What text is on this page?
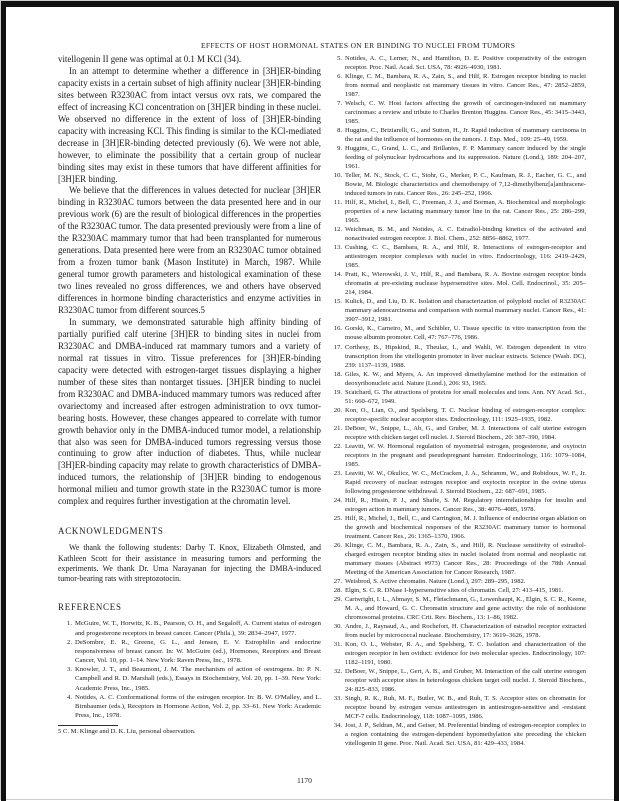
EFFECTS OF HOST HORMONAL STATES ON ER BINDING TO NUCLEI FROM TUMORS

vitellogenin II gene was optimal at 0.1 M KCl (34).

In an attempt to determine whether a difference in [3H]ER-binding capacity exists in a certain subset of high affinity nuclear [3H]ER-binding sites between R3230AC from intact versus ovx rats, we compared the effect of increasing KCl concentration on [3H]ER binding in these nuclei. We observed no difference in the extent of loss of [3H]ER-binding capacity with increasing KCl. This finding is similar to the KCl-mediated decrease in [3H]ER-binding detected previously (6). We were not able, however, to eliminate the possibility that a certain group of nuclear binding sites may exist in these tumors that have different affinities for [3H]ER binding.

We believe that the differences in values detected for nuclear [3H]ER binding in R3230AC tumors between the data presented here and in our previous work (6) are the result of biological differences in the properties of the R3230AC tumor. The data presented previously were from a line of the R3230AC mammary tumor that had been transplanted for numerous generations. Data presented here were from an R3230AC tumor obtained from a frozen tumor bank (Mason Institute) in March, 1987. While general tumor growth parameters and histological examination of these two lines revealed no gross differences, we and others have observed differences in hormone binding characteristics and enzyme activities in R3230AC tumor from different sources.5

In summary, we demonstrated saturable high affinity binding of partially purified calf uterine [3H]ER to binding sites in nuclei from R3230AC and DMBA-induced rat mammary tumors and a variety of normal rat tissues in vitro. Tissue preferences for [3H]ER-binding capacity were detected with estrogen-target tissues displaying a higher number of these sites than nontarget tissues. [3H]ER binding to nuclei from R3230AC and DMBA-induced mammary tumors was reduced after ovariectomy and increased after estrogen administration to ovx tumor-bearing hosts. However, these changes appeared to correlate with tumor growth behavior only in the DMBA-induced tumor model, a relationship that also was seen for DMBA-induced tumors regressing versus those continuing to grow after induction of diabetes. Thus, while nuclear [3H]ER-binding capacity may relate to growth characteristics of DMBA-induced tumors, the relationship of [3H]ER binding to endogenous hormonal milieu and tumor growth state in the R3230AC tumor is more complex and requires further investigation at the chromatin level.

ACKNOWLEDGMENTS

We thank the following students: Darby T. Knox, Elizabeth Olmsted, and Kathleen Scott for their assistance in measuring tumors and performing the experiments. We thank Dr. Uma Narayanan for injecting the DMBA-induced tumor-bearing rats with streptozotocin.

REFERENCES
1. McGuire, W. T., Horwitz, K. B., Pearson, O. H., and Segaloff, A. Current status of estrogen and progesterone receptors in breast cancer. Cancer (Phila.), 39: 2834–2947, 1977.
2. DeSombre, E. R., Greene, G. L., and Jensen, E. V. Estrophilin and endocrine responsiveness of breast cancer. In: W. McGuire (ed.), Hormones, Receptors and Breast Cancer, Vol. 10, pp. 1–14. New York: Raven Press, Inc., 1978.
3. Knowler, J. T., and Beaumont, J. M. The mechanism of action of oestrogens. In: P. N. Campbell and R. D. Marshall (eds.), Essays in Biochemistry, Vol. 20, pp. 1–39. New York: Academic Press, Inc., 1985.
4. Notides, A. C. Conformational forms of the estrogen receptor. In: B. W. O'Malley, and L. Birnbaumer (eds.), Receptors in Hormone Action, Vol. 2, pp. 33–61. New York: Academic Press, Inc., 1978.
5 C. M. Klinge and D. K. Liu, personal observation.
5. Notides, A. C., Lerner, N., and Hamilton, D. E. Positive cooperativity of the estrogen receptor. Proc. Natl. Acad. Sci. USA, 78: 4926–4930, 1981.
6. Klinge, C. M., Bambara, R. A., Zain, S., and Hilf, R. Estrogen receptor binding to nuclei from normal and neoplastic rat mammary tissues in vitro. Cancer Res., 47: 2852–2859, 1987.
7. Welsch, C. W. Host factors affecting the growth of carcinogen-induced rat mammary carcinomas: a review and tribute to Charles Brenton Huggins. Cancer Res., 45: 3415–3443, 1985.
8. Huggins, C., Briziarelli, G., and Sutton, H., Jr. Rapid induction of mammary carcinoma in the rat and the influence of hormones on the tumors. J. Exp. Med., 109: 25–49, 1959.
9. Huggins, C., Grand, L. C., and Brillantes, F. P. Mammary cancer induced by the single feeding of polynuclear hydrocarbons and its suppression. Nature (Lond.), 189: 204–207, 1961.
10. Teller, M. N., Stock, C. C., Stohr, G., Merker, P. C., Kaufman, R. J., Eacher, G. C., and Bowie, M. Biologic characteristics and chemotherapy of 7,12-dimethylbenz[a]anthracene-induced tumors in rats. Cancer Res., 26: 245–252, 1966.
11. Hilf, R., Michel, I., Bell, C., Freeman, J. J., and Borman, A. Biochemical and morphologic properties of a new lactating mammary tumor line in the rat. Cancer Res., 25: 286–299, 1965.
12. Weichman, B. M., and Notides, A. C. Estradiol-binding kinetics of the activated and nonactivated estrogen receptor. J. Biol. Chem., 252: 8856–8862, 1977.
13. Cushing, C. C., Bambara, R. A., and Hilf, R. Interactions of estrogen-receptor and antiestrogen receptor complexes with nuclei in vitro. Endocrinology, 116: 2419–2429, 1985.
14. Pratt, K., Wierowski, J. V., Hilf, R., and Bambara, R. A. Bovine estrogen receptor binds chromatin at pre-existing nuclease hypersensitive sites. Mol. Cell. Endocrinol., 35: 205–214, 1984.
15. Kulick, D., and Liu, D. K. Isolation and characterization of polyploid nuclei of R3230AC mammary adenocarcinoma and comparison with normal mammary nuclei. Cancer Res., 41: 3907–3912, 1981.
16. Gorski, K., Carneiro, M., and Schibler, U. Tissue specific in vitro transcription from the mouse albumin promoter. Cell, 47: 767–776, 1986.
17. Corthesy, B., Hipskind, R., Theulaz, I., and Wahli, W. Estrogen dependent in vitro transcription from the vitellogenin promoter in liver nuclear extracts. Science (Wash. DC), 239: 1137–1139, 1988.
18. Giles, K. W., and Myers, A. An improved dimethylamine method for the estimation of deoxyribonucleic acid. Nature (Lond.), 206: 93, 1965.
19. Scatchard, G. The attractions of proteins for small molecules and ions. Ann. NY Acad. Sci., 51: 660–672, 1949.
20. Kon, O., Lian, O., and Spelsberg, T. C. Nuclear binding of estrogen-receptor complex: receptor-specific nuclear acceptor sites. Endocrinology, 111: 1925–1935, 1982.
21. DeBoer, W., Snippe, L., Ab, G., and Gruber, M. J. Interactions of calf uterine estrogen receptor with chicken target cell nuclei. J. Steroid Biochem., 20: 387–390, 1984.
22. Leavitt, W. W. Hormonal regulation of myometrial estrogen, progesterone, and oxytocin receptors in the pregnant and pseudopregnant hamster. Endocrinology, 116: 1079–1084, 1985.
23. Leavitt, W. W., Okulicz, W. C., McCracken, J. A., Schramm, W., and Robidoux, W. F., Jr. Rapid recovery of nuclear estrogen receptor and oxytocin receptor in the ovine uterus following progesterone withdrawal. J. Steroid Biochem., 22: 687–691, 1985.
24. Hilf, R., Hissin, P. J., and Shafie, S. M. Regulatory interrelationships for insulin and estrogen action in mammary tumors. Cancer Res., 38: 4076–4085, 1978.
25. Hilf, R., Michel, I., Bell, C., and Carrington, M. J. Influence of endocrine organ ablation on the growth and biochemical responses of the R3230AC mammary tumor to hormonal treatment. Cancer Res., 26: 1365–1370, 1966.
26. Klinge, C. M., Bambara, R. A., Zain, S., and Hilf, R. Nuclease sensitivity of estradiol-charged estrogen receptor binding sites in nuclei isolated from normal and neoplastic rat mammary tissues (Abstract #973) Cancer Res., 28: Proceedings of the 78th Annual Meeting of the American Association for Cancer Research, 1987.
27. Weisbrod, S. Active chromatin. Nature (Lond.), 297: 289–295, 1982.
28. Elgin, S. C. R. DNase I-hypersensitive sites of chromatin. Cell, 27: 413–415, 1981.
29. Cartwright, I. L., Abmayr, S. M., Fleischmann, G., Lowenhaupt, K., Elgin, S. C. R., Keene, M. A., and Howard, G. C. Chromatin structure and gene activity: the role of nonhistone chromosomal proteins. CRC Crit. Rev. Biochem., 13: 1–86, 1982.
30. Andre, J., Raynaud, A., and Rochefort, H. Characterization of estradiol receptor extracted from nuclei by micrococcal nuclease. Biochemistry, 17: 3619–3626, 1978.
31. Kon, O. L., Webster, R. A., and Spelsberg, T. C. Isolation and characterization of the estrogen receptor in hen oviduct: evidence for two molecular species. Endocrinology, 107: 1182–1191, 1980.
32. DeBoer, W., Snippe, L., Gert, A. B., and Gruber, M. Interaction of the calf uterine estrogen receptor with acceptor sites in heterologous chicken target cell nuclei. J. Steroid Biochem., 24: 825–833, 1986.
33. Singh, R. K., Ruh, M. F., Butler, W. B., and Ruh, T. S. Acceptor sites on chromatin for receptor bound by estrogen versus antiestrogen in antiestrogen-sensitive and -resistant MCF-7 cells. Endocrinology, 118: 1087–1095, 1986.
34. Jost, J. P., Seldran, M., and Geiser, M. Preferential binding of estrogen-receptor complex to a region containing the estrogen-dependent hypomethylation site preceding the chicken vitellogenin II gene. Proc. Natl. Acad. Sci. USA, 81: 429–433, 1984.
1170
